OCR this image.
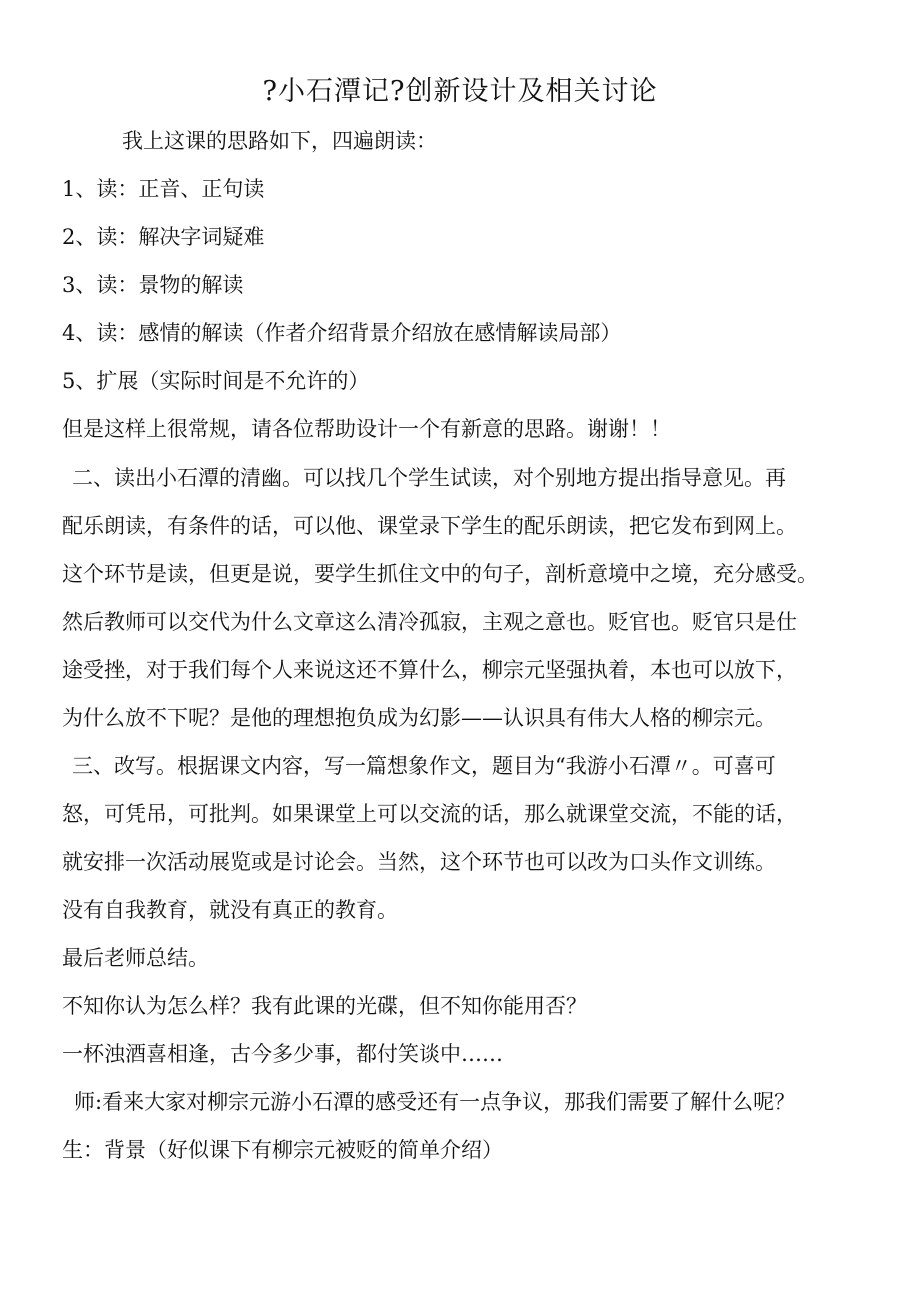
?小石潭记?创新设计及相关讨论
我上这课的思路如下，四遍朗读：
1、读：正音、正句读
2、读：解决字词疑难
3、读：景物的解读
4、读：感情的解读（作者介绍背景介绍放在感情解读局部）
5、扩展（实际时间是不允许的）
但是这样上很常规，请各位帮助设计一个有新意的思路。谢谢！！
二、读出小石潭的清幽。可以找几个学生试读，对个别地方提出指导意见。再
配乐朗读，有条件的话，可以他、课堂录下学生的配乐朗读，把它发布到网上。
这个环节是读，但更是说，要学生抓住文中的句子，剖析意境中之境，充分感受。
然后教师可以交代为什么文章这么清冷孤寂，主观之意也。贬官也。贬官只是仕
途受挫，对于我们每个人来说这还不算什么，柳宗元坚强执着，本也可以放下，
为什么放不下呢？是他的理想抱负成为幻影——认识具有伟大人格的柳宗元。
三、改写。根据课文内容，写一篇想象作文，题目为“我游小石潭〃。可喜可
怒，可凭吊，可批判。如果课堂上可以交流的话，那么就课堂交流，不能的话，
就安排一次活动展览或是讨论会。当然，这个环节也可以改为口头作文训练。
没有自我教育，就没有真正的教育。
最后老师总结。
不知你认为怎么样？我有此课的光碟，但不知你能用否？
一杯浊酒喜相逢，古今多少事，都付笑谈中……
师:看来大家对柳宗元游小石潭的感受还有一点争议，那我们需要了解什么呢？
生：背景（好似课下有柳宗元被贬的简单介绍）
